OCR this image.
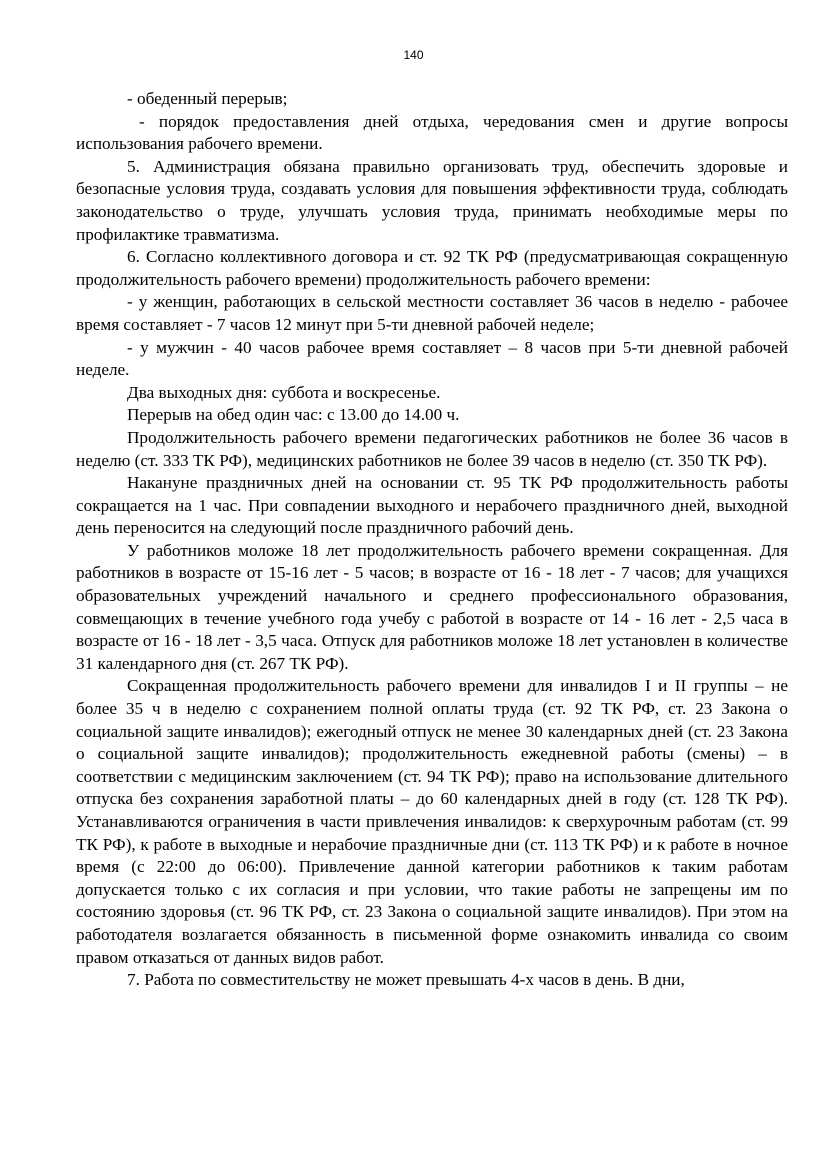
140

- обеденный перерыв;

- порядок предоставления дней отдыха, чередования смен и другие вопросы использования рабочего времени.

5. Администрация обязана правильно организовать труд, обеспечить здоровые и безопасные условия труда, создавать условия для повышения эффективности труда, соблюдать законодательство о труде, улучшать условия труда, принимать необходимые меры по профилактике травматизма.

6. Согласно коллективного договора и ст. 92 ТК РФ (предусматривающая сокращенную продолжительность рабочего времени) продолжительность рабочего времени:

- у женщин, работающих в сельской местности составляет 36 часов в неделю - рабочее время составляет - 7 часов 12 минут при 5-ти дневной рабочей неделе;

- у мужчин - 40 часов рабочее время составляет – 8 часов при 5-ти дневной рабочей неделе.

Два выходных дня: суббота и воскресенье.

Перерыв на обед один час: с 13.00 до 14.00 ч.

Продолжительность рабочего времени педагогических работников не более 36 часов в неделю (ст. 333 ТК РФ), медицинских работников не более 39 часов в неделю (ст. 350 ТК РФ).

Накануне праздничных дней на основании ст. 95 ТК РФ продолжительность работы сокращается на 1 час. При совпадении выходного и нерабочего праздничного дней, выходной день переносится на следующий после праздничного рабочий день.

У работников моложе 18 лет продолжительность рабочего времени сокращенная. Для работников в возрасте от 15-16 лет - 5 часов; в возрасте от 16 - 18 лет - 7 часов; для учащихся образовательных учреждений начального и среднего профессионального образования, совмещающих в течение учебного года учебу с работой в возрасте от 14 - 16 лет - 2,5 часа в возрасте от 16 - 18 лет - 3,5 часа. Отпуск для работников моложе 18 лет установлен в количестве 31 календарного дня (ст. 267 ТК РФ).

Сокращенная продолжительность рабочего времени для инвалидов I и II группы – не более 35 ч в неделю с сохранением полной оплаты труда (ст. 92 ТК РФ, ст. 23 Закона о социальной защите инвалидов); ежегодный отпуск не менее 30 календарных дней (ст. 23 Закона о социальной защите инвалидов); продолжительность ежедневной работы (смены) – в соответствии с медицинским заключением (ст. 94 ТК РФ); право на использование длительного отпуска без сохранения заработной платы – до 60 календарных дней в году (ст. 128 ТК РФ). Устанавливаются ограничения в части привлечения инвалидов: к сверхурочным работам (ст. 99 ТК РФ), к работе в выходные и нерабочие праздничные дни (ст. 113 ТК РФ) и к работе в ночное время (с 22:00 до 06:00). Привлечение данной категории работников к таким работам допускается только с их согласия и при условии, что такие работы не запрещены им по состоянию здоровья (ст. 96 ТК РФ, ст. 23 Закона о социальной защите инвалидов). При этом на работодателя возлагается обязанность в письменной форме ознакомить инвалида со своим правом отказаться от данных видов работ.

7. Работа по совместительству не может превышать 4-х часов в день. В дни,
